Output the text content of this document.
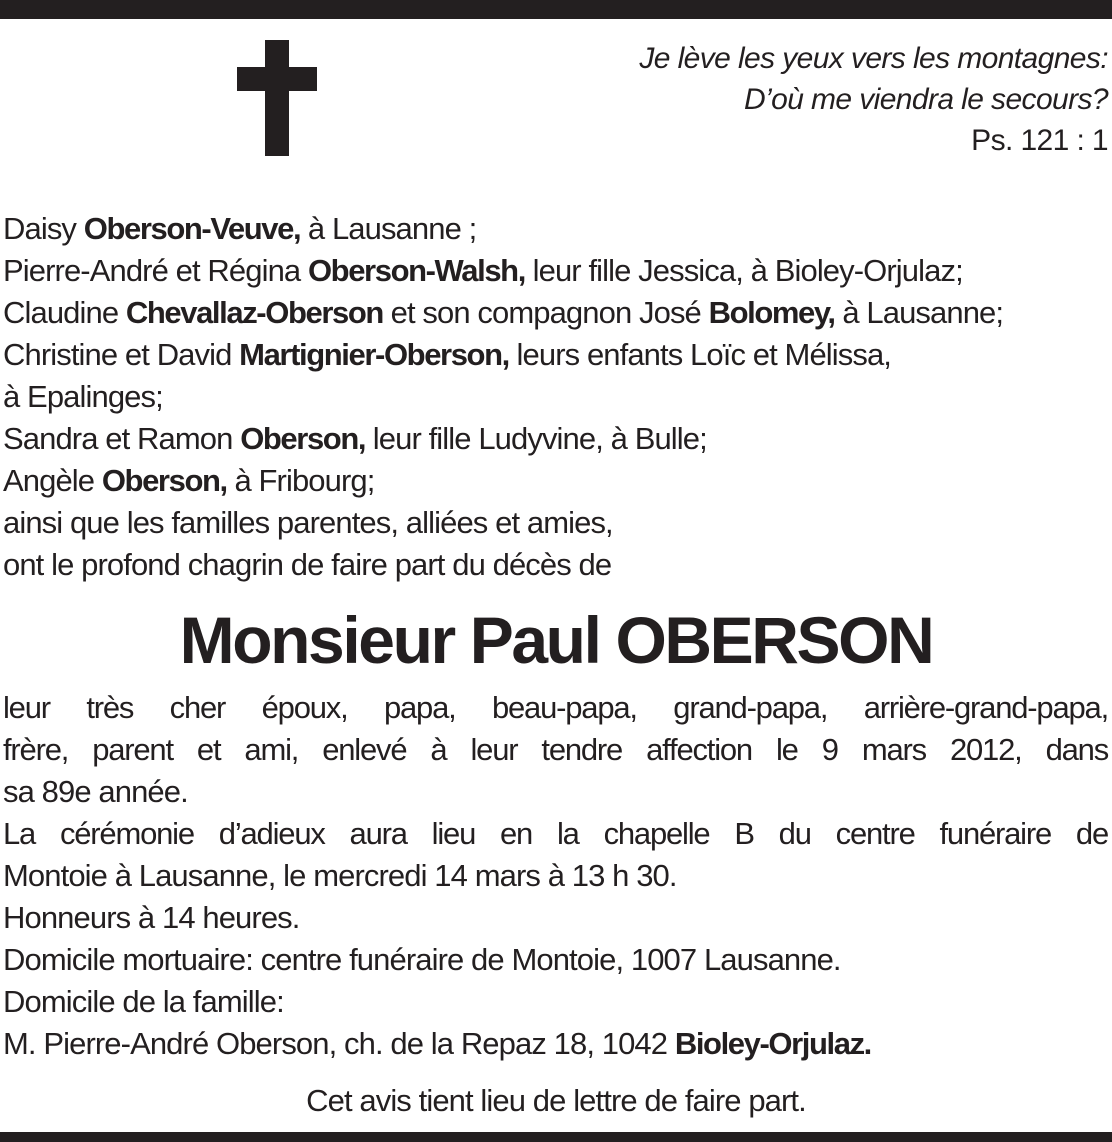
Je lève les yeux vers les montagnes:
D’où me viendra le secours?
Ps. 121 : 1
Daisy Oberson-Veuve, à Lausanne ;
Pierre-André et Régina Oberson-Walsh, leur fille Jessica, à Bioley-Orjulaz;
Claudine Chevallaz-Oberson et son compagnon José Bolomey, à Lausanne;
Christine et David Martignier-Oberson, leurs enfants Loïc et Mélissa,
à Epalinges;
Sandra et Ramon Oberson, leur fille Ludyvine, à Bulle;
Angèle Oberson, à Fribourg;
ainsi que les familles parentes, alliées et amies,
ont le profond chagrin de faire part du décès de
Monsieur Paul OBERSON
leur très cher époux, papa, beau-papa, grand-papa, arrière-grand-papa,
frère, parent et ami, enlevé à leur tendre affection le 9 mars 2012, dans
sa 89e année.
La cérémonie d’adieux aura lieu en la chapelle B du centre funéraire de
Montoie à Lausanne, le mercredi 14 mars à 13 h 30.
Honneurs à 14 heures.
Domicile mortuaire: centre funéraire de Montoie, 1007 Lausanne.
Domicile de la famille:
M. Pierre-André Oberson, ch. de la Repaz 18, 1042 Bioley-Orjulaz.
Cet avis tient lieu de lettre de faire part.
